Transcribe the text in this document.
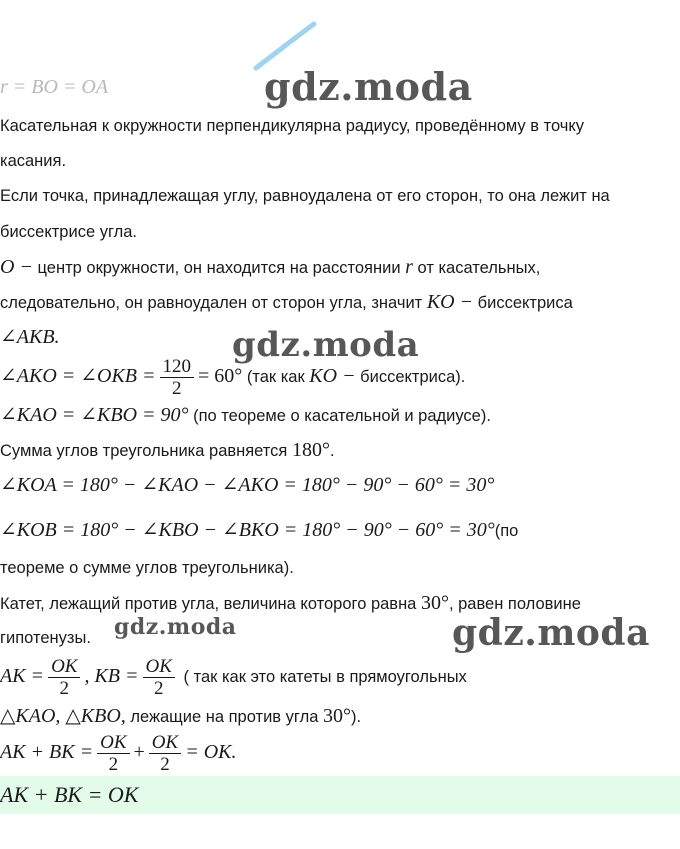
r = BO = OA	gdz.moda
Касательная к окружности перпендикулярна радиусу, проведённому в точку
касания.
Если точка, принадлежащая углу, равноудалена от его сторон, то она лежит на
биссектрисе угла.
O − центр окружности, он находится на расстоянии r от касательных,
следовательно, он равноудален от сторон угла, значит KO − биссектриса
∠AKB.	gdz.moda
∠AKO = ∠OKB = $\frac{120}{2} = 60^\circ$ (так как KO − биссектриса).
∠KAO = ∠KBO = 90° (по теореме о касательной и радиусе).
Сумма углов треугольника равняется 180°.
∠KOA = 180° − ∠KAO − ∠AKO = 180° − 90° − 60° = 30°
∠KOB = 180° − ∠KBO − ∠BKO = 180° − 90° − 60° = 30°(по
теореме о сумме углов треугольника).
Катет, лежащий против угла, величина которого равна 30°, равен половине
гипотенузы. gdz.moda	gdz.moda
AK = $\frac{OK}{2}$ , KB = $\frac{OK}{2}$ ( так как это катеты в прямоугольных
△KAO, △KBO, лежащие на против угла 30°).
AK + BK = $\frac{OK}{2} + \frac{OK}{2}$ = OK.
AK + BK = OK
